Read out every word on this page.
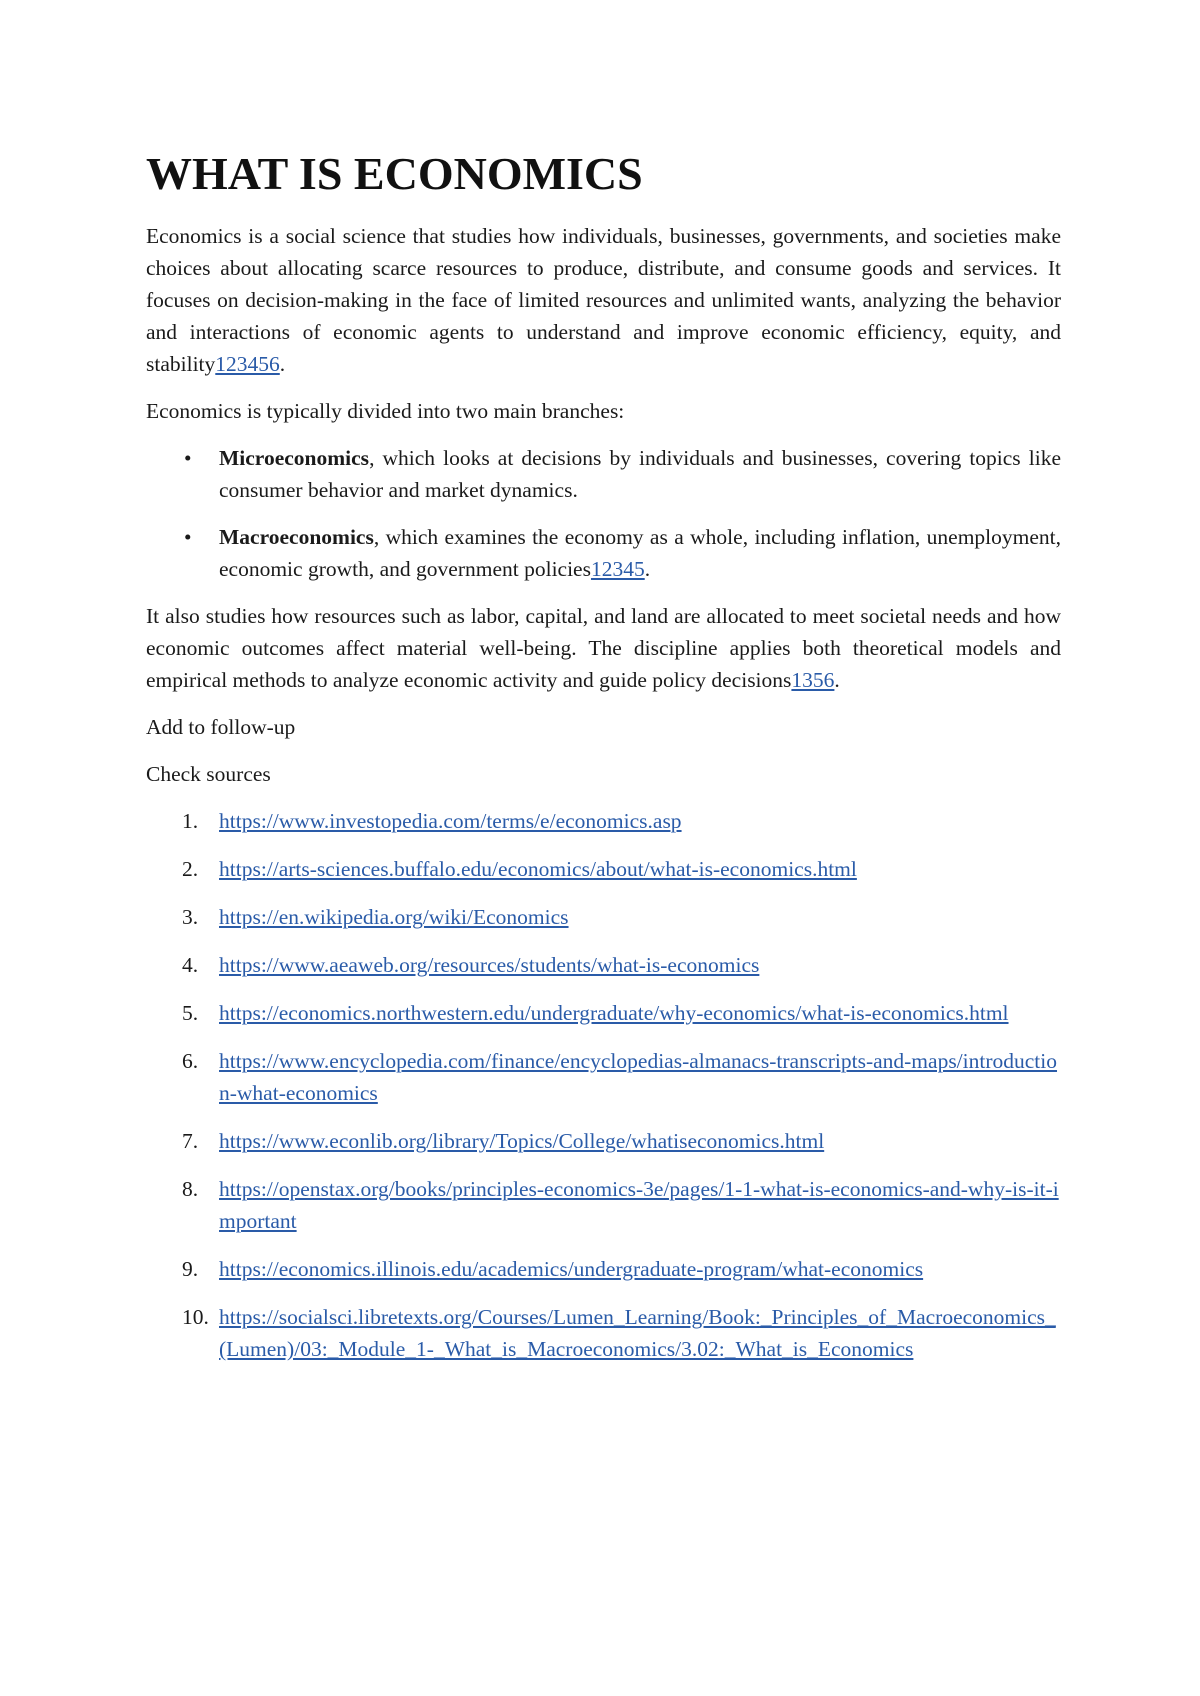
WHAT IS ECONOMICS

Economics is a social science that studies how individuals, businesses, governments, and societies make choices about allocating scarce resources to produce, distribute, and consume goods and services. It focuses on decision-making in the face of limited resources and unlimited wants, analyzing the behavior and interactions of economic agents to understand and improve economic efficiency, equity, and stability123456.

Economics is typically divided into two main branches:

• Microeconomics, which looks at decisions by individuals and businesses, covering topics like consumer behavior and market dynamics.
• Macroeconomics, which examines the economy as a whole, including inflation, unemployment, economic growth, and government policies12345.

It also studies how resources such as labor, capital, and land are allocated to meet societal needs and how economic outcomes affect material well-being. The discipline applies both theoretical models and empirical methods to analyze economic activity and guide policy decisions1356.

Add to follow-up

Check sources

1. https://www.investopedia.com/terms/e/economics.asp
2. https://arts-sciences.buffalo.edu/economics/about/what-is-economics.html
3. https://en.wikipedia.org/wiki/Economics
4. https://www.aeaweb.org/resources/students/what-is-economics
5. https://economics.northwestern.edu/undergraduate/why-economics/what-is-economics.html
6. https://www.encyclopedia.com/finance/encyclopedias-almanacs-transcripts-and-maps/introduction-what-economics
7. https://www.econlib.org/library/Topics/College/whatiseconomics.html
8. https://openstax.org/books/principles-economics-3e/pages/1-1-what-is-economics-and-why-is-it-important
9. https://economics.illinois.edu/academics/undergraduate-program/what-economics
10. https://socialsci.libretexts.org/Courses/Lumen_Learning/Book:_Principles_of_Macroeconomics_(Lumen)/03:_Module_1-_What_is_Macroeconomics/3.02:_What_is_Economics
